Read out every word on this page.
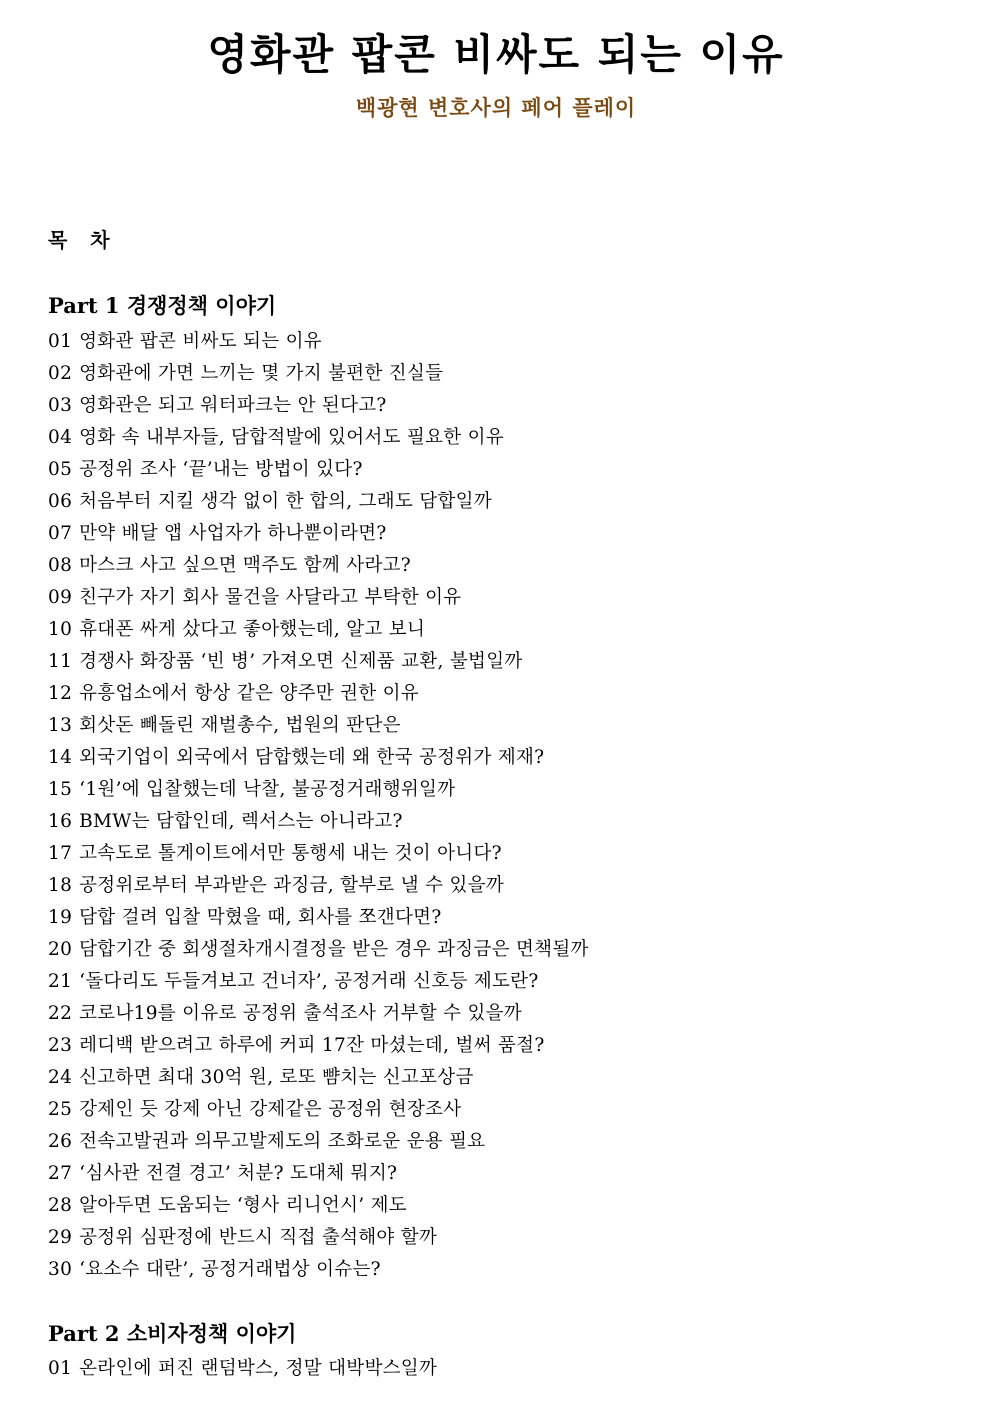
영화관 팝콘 비싸도 되는 이유
백광현 변호사의 페어 플레이
목 차
Part 1 경쟁정책 이야기
01 영화관 팝콘 비싸도 되는 이유
02 영화관에 가면 느끼는 몇 가지 불편한 진실들
03 영화관은 되고 워터파크는 안 된다고?
04 영화 속 내부자들, 담합적발에 있어서도 필요한 이유
05 공정위 조사 ‘끝’내는 방법이 있다?
06 처음부터 지킬 생각 없이 한 합의, 그래도 담합일까
07 만약 배달 앱 사업자가 하나뿐이라면?
08 마스크 사고 싶으면 맥주도 함께 사라고?
09 친구가 자기 회사 물건을 사달라고 부탁한 이유
10 휴대폰 싸게 샀다고 좋아했는데, 알고 보니
11 경쟁사 화장품 ‘빈 병’ 가져오면 신제품 교환, 불법일까
12 유흥업소에서 항상 같은 양주만 권한 이유
13 회삿돈 빼돌린 재벌총수, 법원의 판단은
14 외국기업이 외국에서 담합했는데 왜 한국 공정위가 제재?
15 ‘1원’에 입찰했는데 낙찰, 불공정거래행위일까
16 BMW는 담합인데, 렉서스는 아니라고?
17 고속도로 톨게이트에서만 통행세 내는 것이 아니다?
18 공정위로부터 부과받은 과징금, 할부로 낼 수 있을까
19 담합 걸려 입찰 막혔을 때, 회사를 쪼갠다면?
20 담합기간 중 회생절차개시결정을 받은 경우 과징금은 면책될까
21 ‘돌다리도 두들겨보고 건너자’, 공정거래 신호등 제도란?
22 코로나19를 이유로 공정위 출석조사 거부할 수 있을까
23 레디백 받으려고 하루에 커피 17잔 마셨는데, 벌써 품절?
24 신고하면 최대 30억 원, 로또 뺨치는 신고포상금
25 강제인 듯 강제 아닌 강제같은 공정위 현장조사
26 전속고발권과 의무고발제도의 조화로운 운용 필요
27 ‘심사관 전결 경고’ 처분? 도대체 뭐지?
28 알아두면 도움되는 ‘형사 리니언시’ 제도
29 공정위 심판정에 반드시 직접 출석해야 할까
30 ‘요소수 대란’, 공정거래법상 이슈는?
Part 2 소비자정책 이야기
01 온라인에 퍼진 랜덤박스, 정말 대박박스일까
